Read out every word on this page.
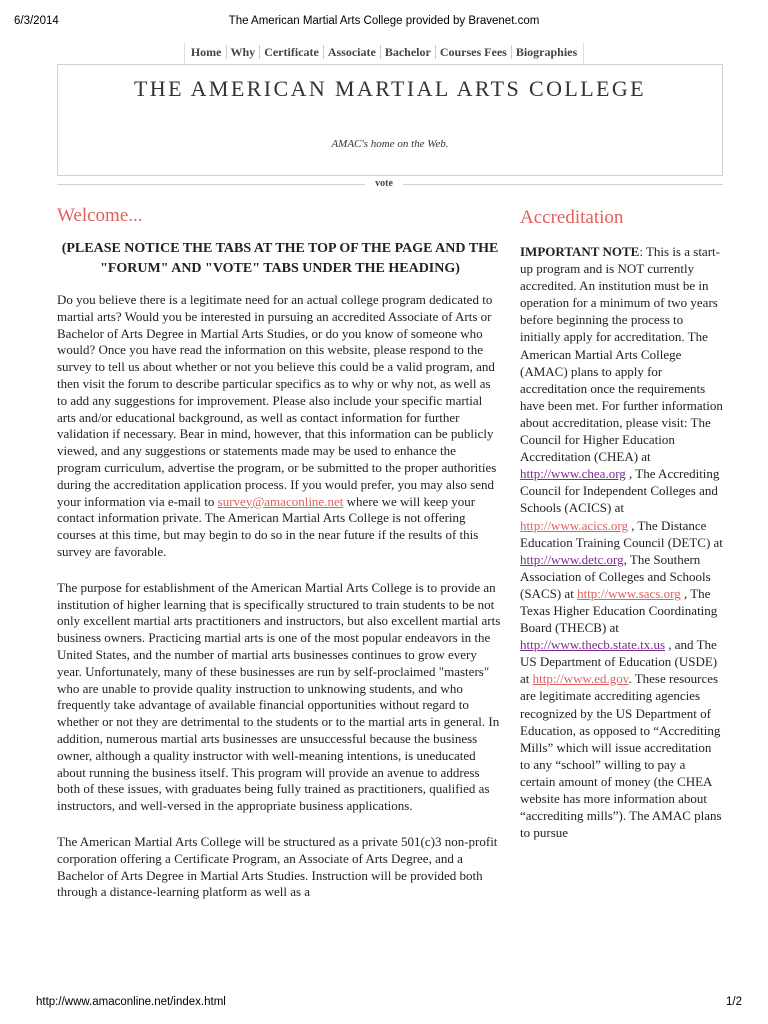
6/3/2014	The American Martial Arts College provided by Bravenet.com
Home Why Certificate Associate Bachelor Courses Fees Biographies
THE AMERICAN MARTIAL ARTS COLLEGE
AMAC's home on the Web.
vote
Welcome...

(PLEASE NOTICE THE TABS AT THE TOP OF THE PAGE AND THE "FORUM" AND "VOTE" TABS UNDER THE HEADING)

Do you believe there is a legitimate need for an actual college program dedicated to martial arts? Would you be interested in pursuing an accredited Associate of Arts or Bachelor of Arts Degree in Martial Arts Studies, or do you know of someone who would? Once you have read the information on this website, please respond to the survey to tell us about whether or not you believe this could be a valid program, and then visit the forum to describe particular specifics as to why or why not, as well as to add any suggestions for improvement. Please also include your specific martial arts and/or educational background, as well as contact information for further validation if necessary. Bear in mind, however, that this information can be publicly viewed, and any suggestions or statements made may be used to enhance the program curriculum, advertise the program, or be submitted to the proper authorities during the accreditation application process. If you would prefer, you may also send your information via e-mail to survey@amaconline.net where we will keep your contact information private. The American Martial Arts College is not offering courses at this time, but may begin to do so in the near future if the results of this survey are favorable.

The purpose for establishment of the American Martial Arts College is to provide an institution of higher learning that is specifically structured to train students to be not only excellent martial arts practitioners and instructors, but also excellent martial arts business owners. Practicing martial arts is one of the most popular endeavors in the United States, and the number of martial arts businesses continues to grow every year. Unfortunately, many of these businesses are run by self-proclaimed "masters" who are unable to provide quality instruction to unknowing students, and who frequently take advantage of available financial opportunities without regard to whether or not they are detrimental to the students or to the martial arts in general. In addition, numerous martial arts businesses are unsuccessful because the business owner, although a quality instructor with well-meaning intentions, is uneducated about running the business itself. This program will provide an avenue to address both of these issues, with graduates being fully trained as practitioners, qualified as instructors, and well-versed in the appropriate business applications.

The American Martial Arts College will be structured as a private 501(c)3 non-profit corporation offering a Certificate Program, an Associate of Arts Degree, and a Bachelor of Arts Degree in Martial Arts Studies. Instruction will be provided both through a distance-learning platform as well as a

Accreditation

IMPORTANT NOTE: This is a start-up program and is NOT currently accredited. An institution must be in operation for a minimum of two years before beginning the process to initially apply for accreditation. The American Martial Arts College (AMAC) plans to apply for accreditation once the requirements have been met. For further information about accreditation, please visit: The Council for Higher Education Accreditation (CHEA) at http://www.chea.org , The Accrediting Council for Independent Colleges and Schools (ACICS) at http://www.acics.org , The Distance Education Training Council (DETC) at http://www.detc.org, The Southern Association of Colleges and Schools (SACS) at http://www.sacs.org , The Texas Higher Education Coordinating Board (THECB) at http://www.thecb.state.tx.us , and The US Department of Education (USDE) at http://www.ed.gov. These resources are legitimate accrediting agencies recognized by the US Department of Education, as opposed to “Accrediting Mills” which will issue accreditation to any “school” willing to pay a certain amount of money (the CHEA website has more information about “accrediting mills”). The AMAC plans to pursue

http://www.amaconline.net/index.html	1/2
